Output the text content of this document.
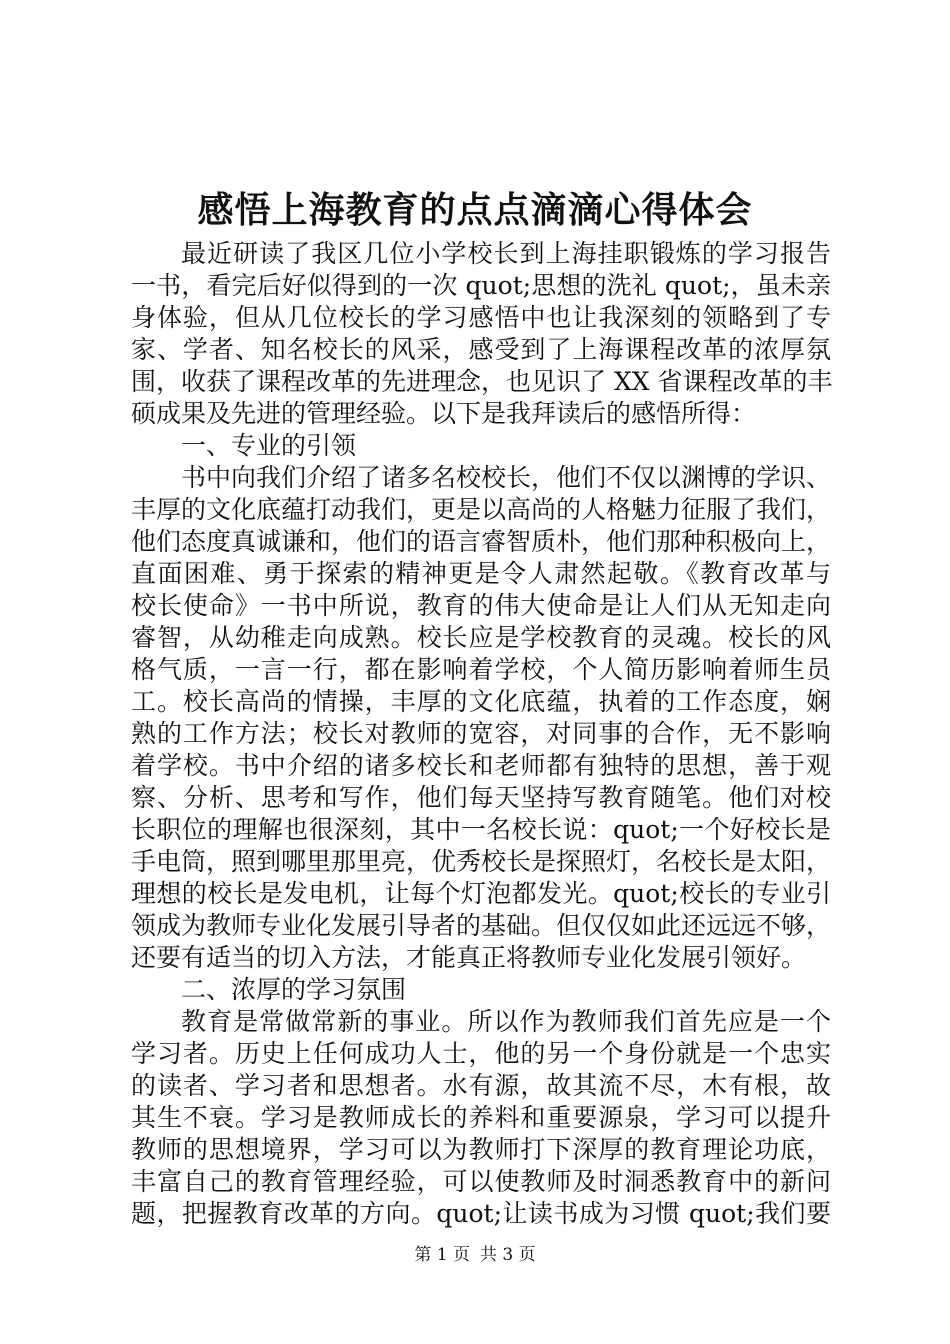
感悟上海教育的点点滴滴心得体会
最近研读了我区几位小学校长到上海挂职锻炼的学习报告
一书，看完后好似得到的一次 quot;思想的洗礼 quot;，虽未亲
身体验，但从几位校长的学习感悟中也让我深刻的领略到了专
家、学者、知名校长的风采，感受到了上海课程改革的浓厚氛
围，收获了课程改革的先进理念，也见识了 XX 省课程改革的丰
硕成果及先进的管理经验。以下是我拜读后的感悟所得：
一、专业的引领
书中向我们介绍了诸多名校校长，他们不仅以渊博的学识、
丰厚的文化底蕴打动我们，更是以高尚的人格魅力征服了我们，
他们态度真诚谦和，他们的语言睿智质朴，他们那种积极向上，
直面困难、勇于探索的精神更是令人肃然起敬。《教育改革与
校长使命》一书中所说，教育的伟大使命是让人们从无知走向
睿智，从幼稚走向成熟。校长应是学校教育的灵魂。校长的风
格气质，一言一行，都在影响着学校，个人简历影响着师生员
工。校长高尚的情操，丰厚的文化底蕴，执着的工作态度，娴
熟的工作方法；校长对教师的宽容，对同事的合作，无不影响
着学校。书中介绍的诸多校长和老师都有独特的思想，善于观
察、分析、思考和写作，他们每天坚持写教育随笔。他们对校
长职位的理解也很深刻，其中一名校长说：quot;一个好校长是
手电筒，照到哪里那里亮，优秀校长是探照灯，名校长是太阳，
理想的校长是发电机，让每个灯泡都发光。quot;校长的专业引
领成为教师专业化发展引导者的基础。但仅仅如此还远远不够，
还要有适当的切入方法，才能真正将教师专业化发展引领好。
二、浓厚的学习氛围
教育是常做常新的事业。所以作为教师我们首先应是一个
学习者。历史上任何成功人士，他的另一个身份就是一个忠实
的读者、学习者和思想者。水有源，故其流不尽，木有根，故
其生不衰。学习是教师成长的养料和重要源泉，学习可以提升
教师的思想境界，学习可以为教师打下深厚的教育理论功底，
丰富自己的教育管理经验，可以使教师及时洞悉教育中的新问
题，把握教育改革的方向。quot;让读书成为习惯 quot;我们要
第 1 页 共 3 页
